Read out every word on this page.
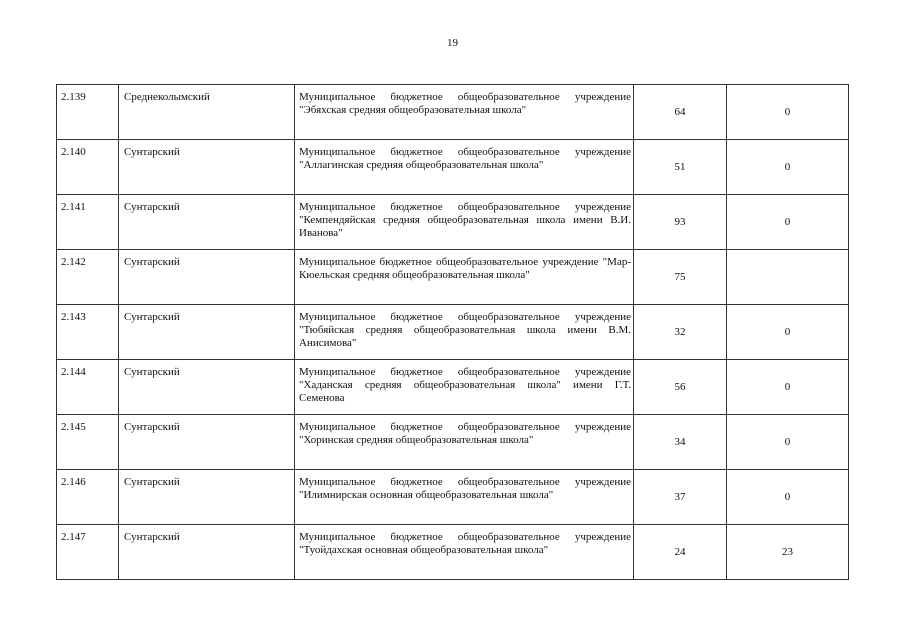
19
2.139	Среднеколымский	Муниципальное бюджетное общеобразовательное учреждение "Эбяхская средняя общеобразовательная школа"	64	0
2.140	Сунтарский	Муниципальное бюджетное общеобразовательное учреждение "Аллагинская средняя общеобразовательная школа"	51	0
2.141	Сунтарский	Муниципальное бюджетное общеобразовательное учреждение "Кемпендяйская средняя общеобразовательная школа имени В.И. Иванова"	93	0
2.142	Сунтарский	Муниципальное бюджетное общеобразовательное учреждение "Мар-Кюельская средняя общеобразовательная школа"	75	
2.143	Сунтарский	Муниципальное бюджетное общеобразовательное учреждение "Тюбяйская средняя общеобразовательная школа имени В.М. Анисимова"	32	0
2.144	Сунтарский	Муниципальное бюджетное общеобразовательное учреждение "Хаданская средняя общеобразовательная школа" имени Г.Т. Семенова	56	0
2.145	Сунтарский	Муниципальное бюджетное общеобразовательное учреждение "Хоринская средняя общеобразовательная школа"	34	0
2.146	Сунтарский	Муниципальное бюджетное общеобразовательное учреждение "Илимнирская основная общеобразовательная школа"	37	0
2.147	Сунтарский	Муниципальное бюджетное общеобразовательное учреждение "Туойдахская основная общеобразовательная школа"	24	23
